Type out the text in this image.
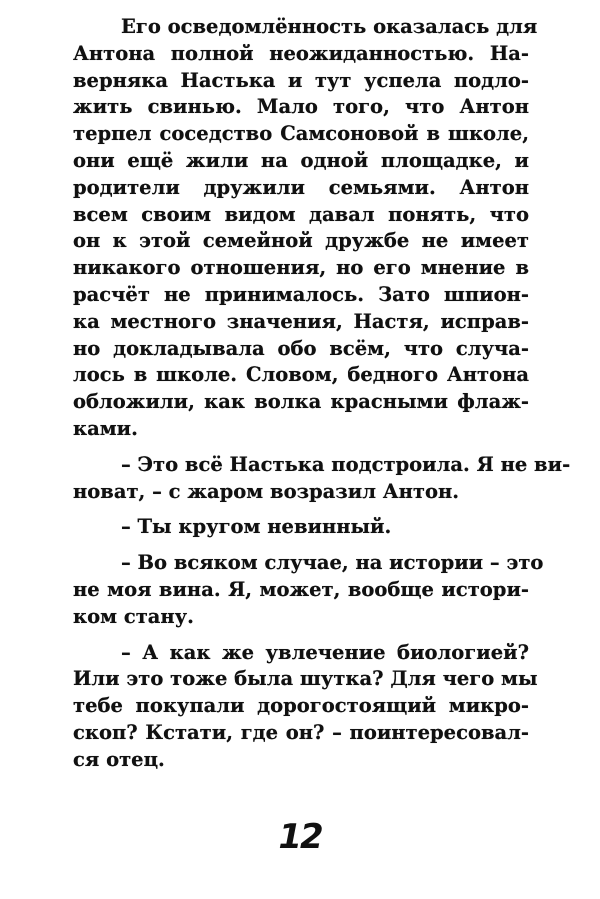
Его осведомлённость оказалась для
Антона полной неожиданностью. На-
верняка Настька и тут успела подло-
жить свинью. Мало того, что Антон
терпел соседство Самсоновой в школе,
они ещё жили на одной площадке, и
родители дружили семьями. Антон
всем своим видом давал понять, что
он к этой семейной дружбе не имеет
никакого отношения, но его мнение в
расчёт не принималось. Зато шпион-
ка местного значения, Настя, исправ-
но докладывала обо всём, что случа-
лось в школе. Словом, бедного Антона
обложили, как волка красными флаж-
ками.
– Это всё Настька подстроила. Я не ви-
новат, – с жаром возразил Антон.
– Ты кругом невинный.
– Во всяком случае, на истории – это
не моя вина. Я, может, вообще истори-
ком стану.
– А как же увлечение биологией?
Или это тоже была шутка? Для чего мы
тебе покупали дорогостоящий микро-
скоп? Кстати, где он? – поинтересовал-
ся отец.
12
